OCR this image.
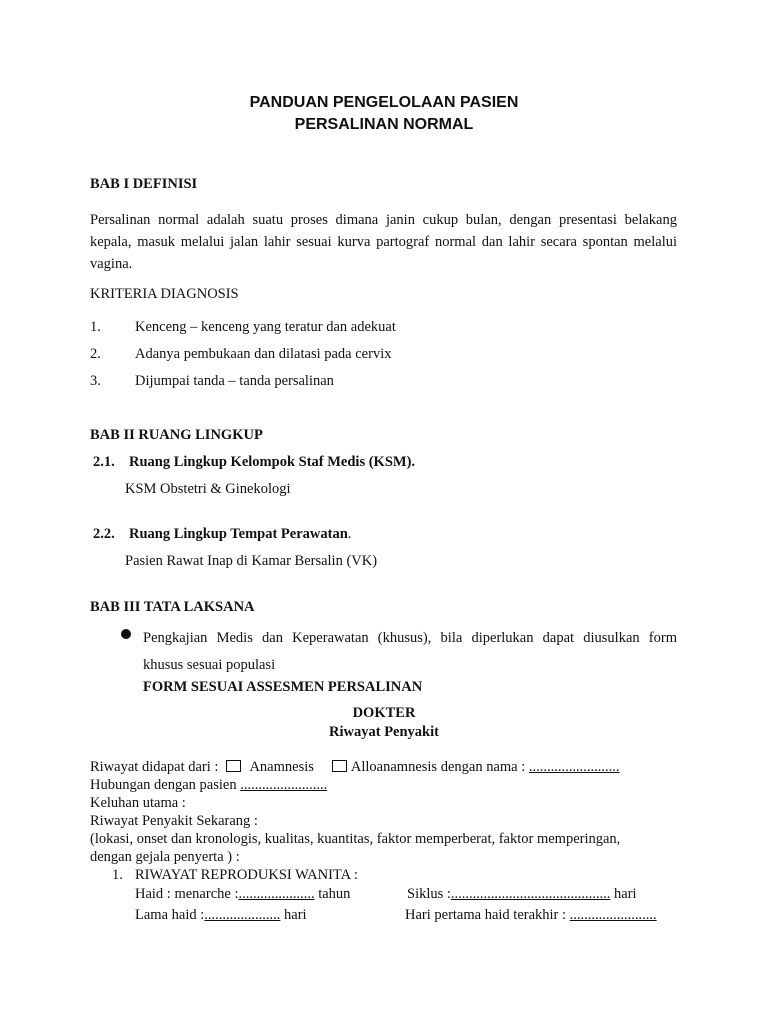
PANDUAN PENGELOLAAN PASIEN
PERSALINAN NORMAL
BAB I DEFINISI
Persalinan normal adalah suatu proses dimana janin cukup bulan, dengan presentasi belakang
kepala, masuk melalui jalan lahir sesuai kurva partograf normal dan lahir secara spontan melalui
vagina.
KRITERIA DIAGNOSIS
1. Kenceng – kenceng yang teratur dan adekuat
2. Adanya pembukaan dan dilatasi pada cervix
3. Dijumpai tanda – tanda persalinan
BAB II RUANG LINGKUP
2.1. Ruang Lingkup Kelompok Staf Medis (KSM).
KSM Obstetri & Ginekologi
2.2. Ruang Lingkup Tempat Perawatan.
Pasien Rawat Inap di Kamar Bersalin (VK)
BAB III TATA LAKSANA
Pengkajian Medis dan Keperawatan (khusus), bila diperlukan dapat diusulkan form
khusus sesuai populasi
FORM SESUAI ASSESMEN PERSALINAN
DOKTER
Riwayat Penyakit
Riwayat didapat dari : Anamnesis	Alloanamnesis dengan nama : .........................
Hubungan dengan pasien ........................
Keluhan utama :
Riwayat Penyakit Sekarang :
(lokasi, onset dan kronologis, kualitas, kuantitas, faktor memperberat, faktor memperingan,
dengan gejala penyerta ) :
1. RIWAYAT REPRODUKSI WANITA :
Haid : menarche :..................... tahun	Siklus :............................................ hari
Lama haid :..................... hari	Hari pertama haid terakhir : ........................
